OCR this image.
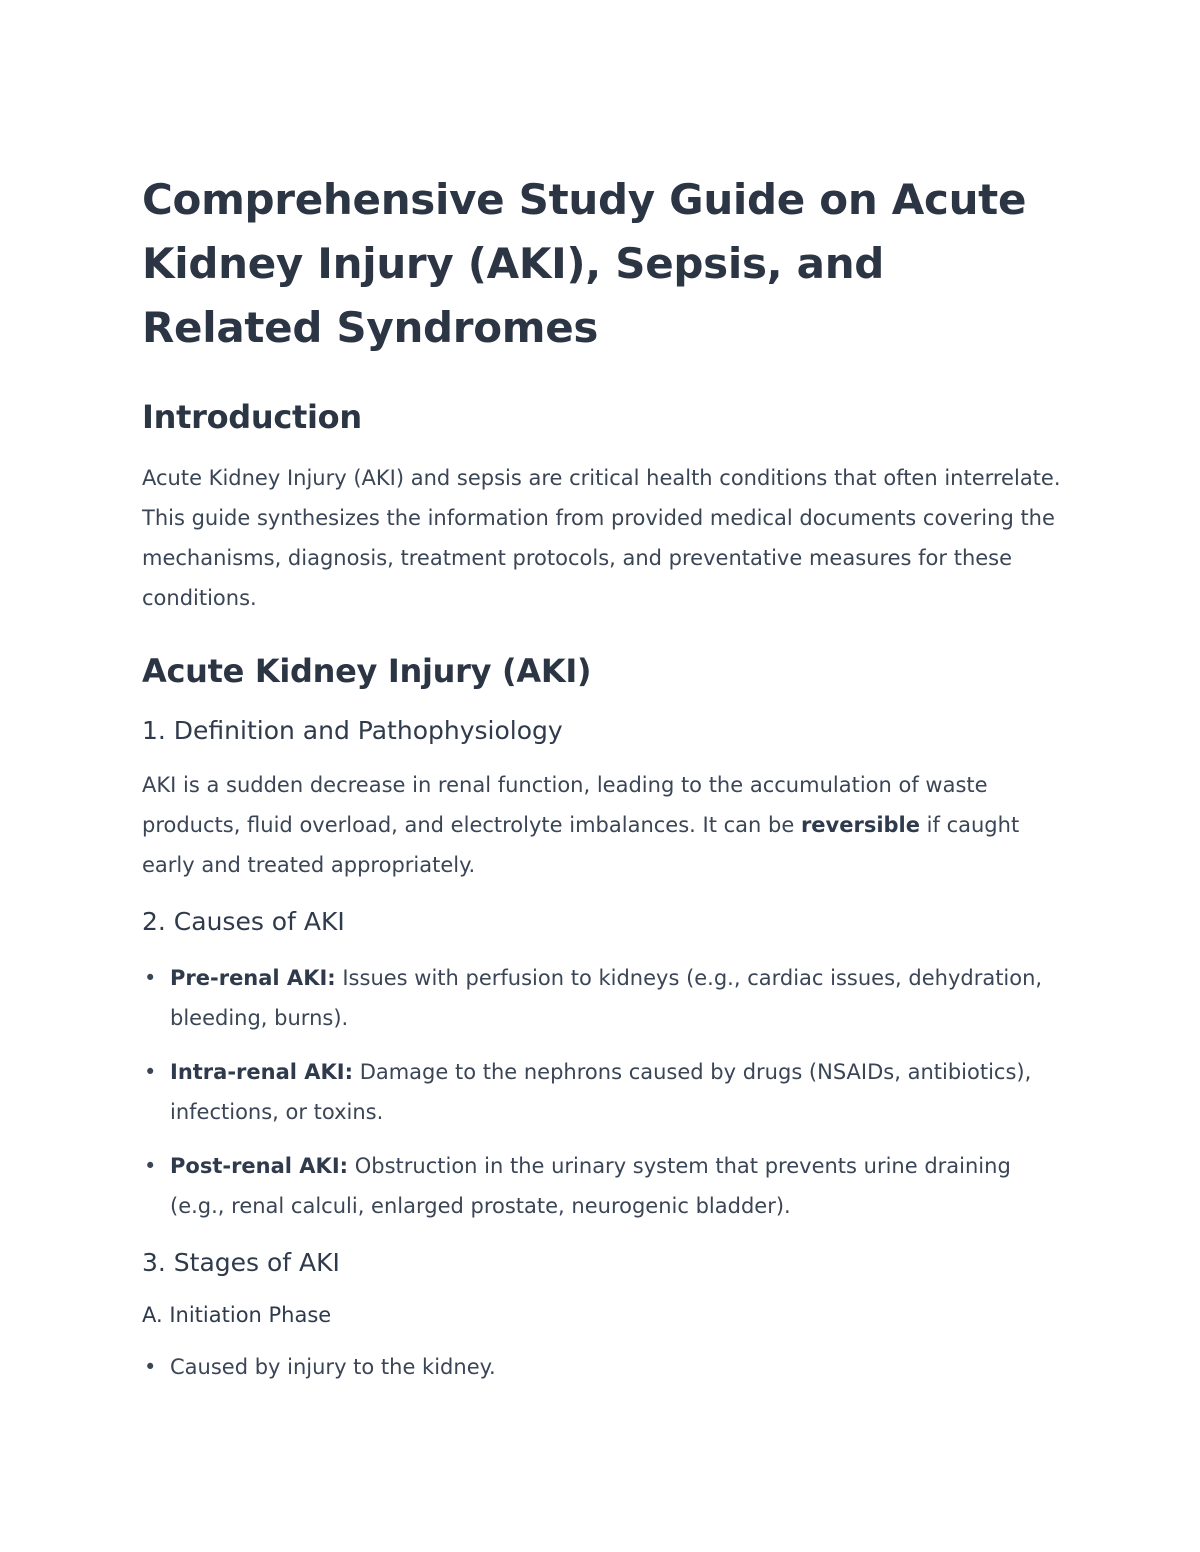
Comprehensive Study Guide on Acute Kidney Injury (AKI), Sepsis, and Related Syndromes
Introduction

Acute Kidney Injury (AKI) and sepsis are critical health conditions that often interrelate. This guide synthesizes the information from provided medical documents covering the mechanisms, diagnosis, treatment protocols, and preventative measures for these conditions.

Acute Kidney Injury (AKI)
1. Definition and Pathophysiology

AKI is a sudden decrease in renal function, leading to the accumulation of waste products, fluid overload, and electrolyte imbalances. It can be reversible if caught early and treated appropriately.

2. Causes of AKI
• Pre-renal AKI: Issues with perfusion to kidneys (e.g., cardiac issues, dehydration, bleeding, burns).
• Intra-renal AKI: Damage to the nephrons caused by drugs (NSAIDs, antibiotics), infections, or toxins.
• Post-renal AKI: Obstruction in the urinary system that prevents urine draining (e.g., renal calculi, enlarged prostate, neurogenic bladder).
3. Stages of AKI
A. Initiation Phase
• Caused by injury to the kidney.
